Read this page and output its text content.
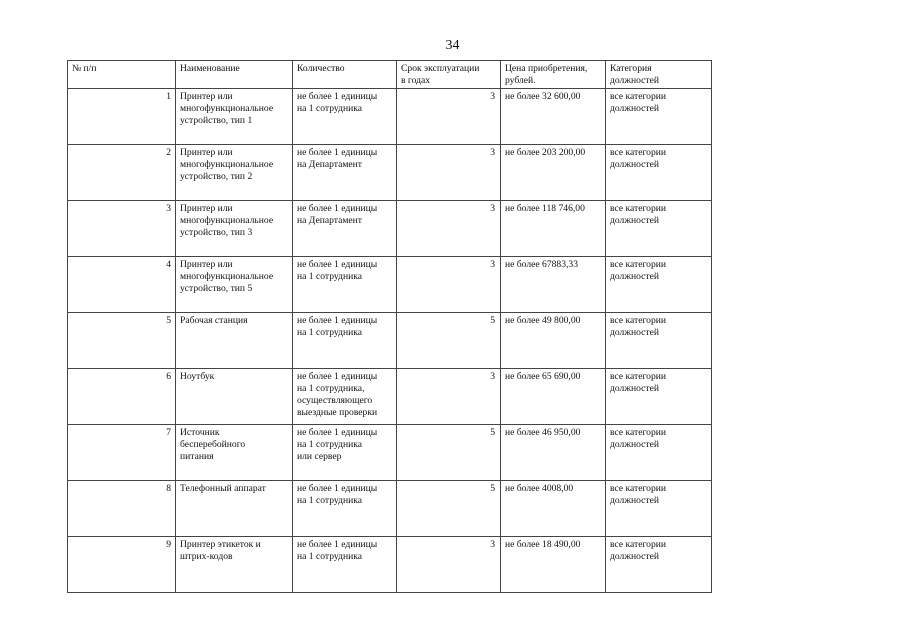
34
№ п/п	Наименование	Количество	Срок эксплуатации
в годах	Цена приобретения,
рублей.	Категория
должностей

1	Принтер или
многофункциональное
устройство, тип 1	не более 1 единицы
на 1 сотрудника	3	не более 32 600,00	все категории
должностей

2	Принтер или
многофункциональное
устройство, тип 2	не более 1 единицы
на Департамент	3	не более 203 200,00	все категории
должностей

3	Принтер или
многофункциональное
устройство, тип 3	не более 1 единицы
на Департамент	3	не более 118 746,00	все категории
должностей

4	Принтер или
многофункциональное
устройство, тип 5	не более 1 единицы
на 1 сотрудника	3	не более 67883,33	все категории
должностей

5	Рабочая станция	не более 1 единицы
на 1 сотрудника	5	не более 49 800,00	все категории
должностей

6	Ноутбук	не более 1 единицы
на 1 сотрудника,
осуществляющего
выездные проверки	3	не более 65 690,00	все категории
должностей

7	Источник
бесперебойного
питания	не более 1 единицы
на 1 сотрудника
или сервер	5	не более 46 950,00	все категории
должностей

8	Телефонный аппарат	не более 1 единицы
на 1 сотрудника	5	не более 4008,00	все категории
должностей

9	Принтер этикеток и
штрих-кодов	не более 1 единицы
на 1 сотрудника	3	не более 18 490,00	все категории
должностей
